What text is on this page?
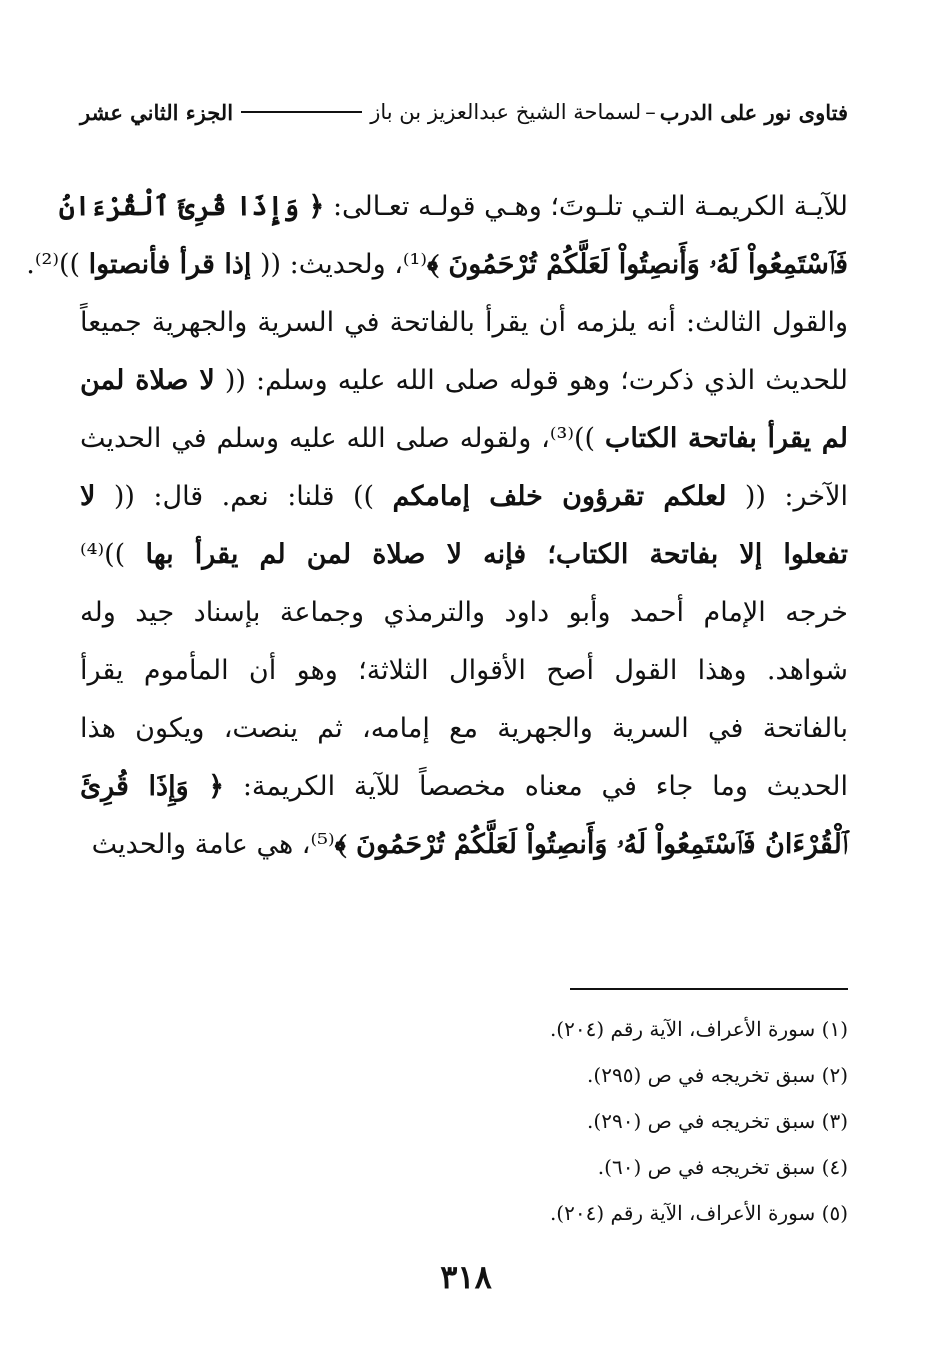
فتاوى نور على الدرب
–
لسماحة الشيخ عبدالعزيز بن باز
الجزء الثاني عشر
للآيـة الكريمـة التـي تلـوتَ؛ وهـي قولـه تعـالى: ﴿ وَإِذَا قُرِئَ ٱلْقُرْءَانُ
فَٱسْتَمِعُواْ لَهُۥ وَأَنصِتُواْ لَعَلَّكُمْ تُرْحَمُونَ ﴾⁽¹⁾، ولحديث: (( إذا قرأ فأنصتوا ))⁽²⁾.
والقول الثالث: أنه يلزمه أن يقرأ بالفاتحة في السرية والجهرية جميعاً
للحديث الذي ذكرت؛ وهو قوله صلى الله عليه وسلم: (( لا صلاة لمن
لم يقرأ بفاتحة الكتاب ))⁽³⁾، ولقوله صلى الله عليه وسلم في الحديث
الآخر: (( لعلكم تقرؤون خلف إمامكم )) قلنا: نعم. قال: (( لا
تفعلوا إلا بفاتحة الكتاب؛ فإنه لا صلاة لمن لم يقرأ بها ))⁽⁴⁾
خرجه الإمام أحمد وأبو داود والترمذي وجماعة بإسناد جيد وله
شواهد. وهذا القول أصح الأقوال الثلاثة؛ وهو أن المأموم يقرأ
بالفاتحة في السرية والجهرية مع إمامه، ثم ينصت، ويكون هذا
الحديث وما جاء في معناه مخصصاً للآية الكريمة: ﴿ وَإِذَا قُرِئَ
ٱلْقُرْءَانُ فَٱسْتَمِعُواْ لَهُۥ وَأَنصِتُواْ لَعَلَّكُمْ تُرْحَمُونَ ﴾⁽⁵⁾، هي عامة والحديث
(١) سورة الأعراف، الآية رقم (٢٠٤).
(٢) سبق تخريجه في ص (٢٩٥).
(٣) سبق تخريجه في ص (٢٩٠).
(٤) سبق تخريجه في ص (٦٠).
(٥) سورة الأعراف، الآية رقم (٢٠٤).
٣١٨
